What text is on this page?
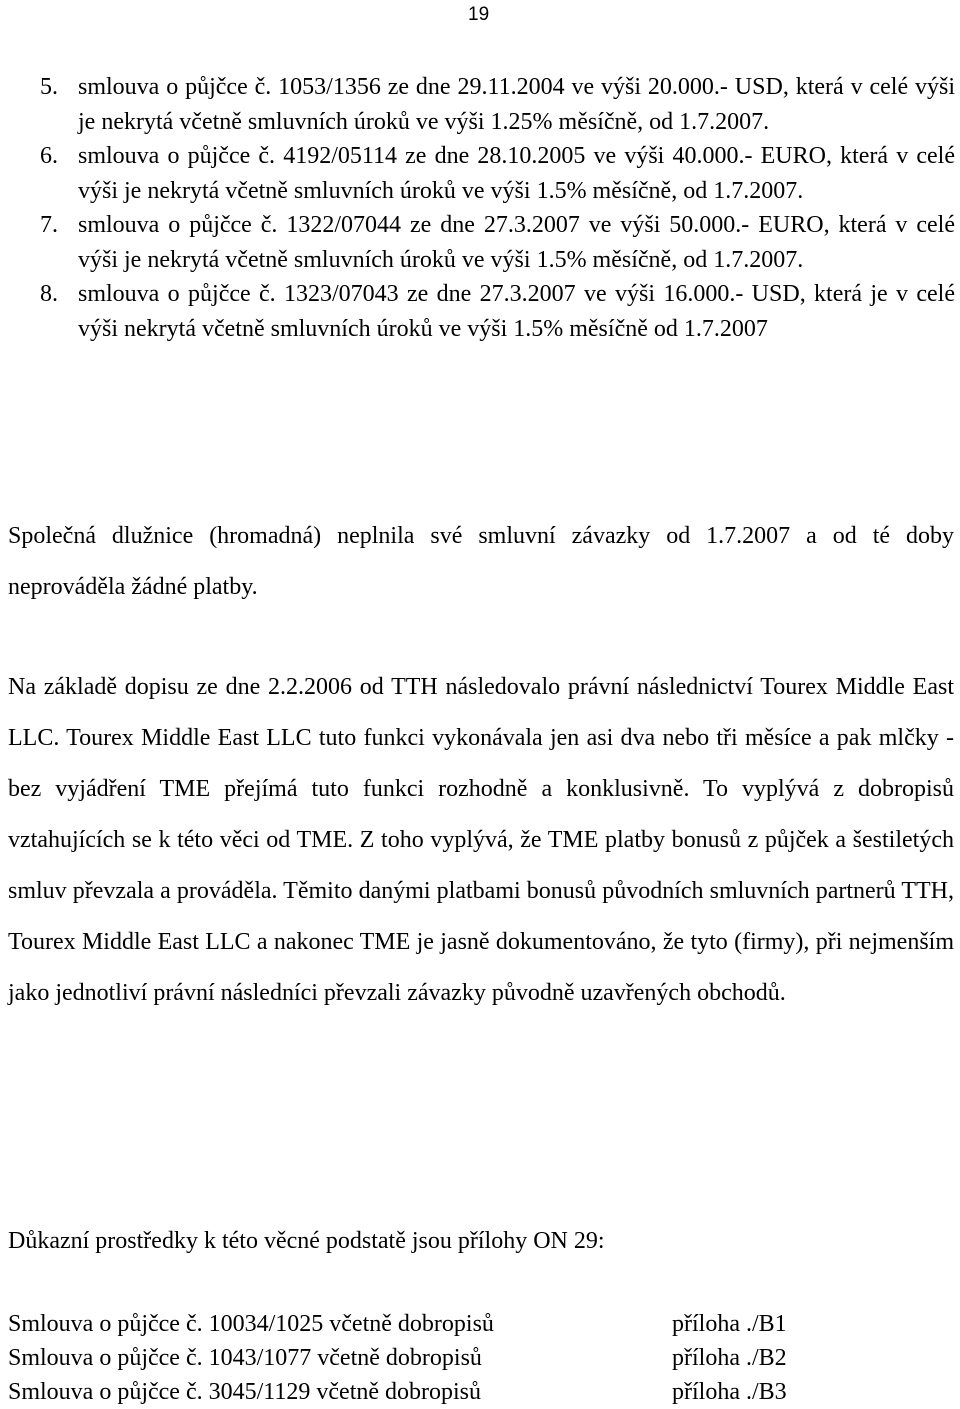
19
5. smlouva o půjčce č. 1053/1356 ze dne 29.11.2004 ve výši 20.000.- USD, která v celé výši je nekrytá včetně smluvních úroků ve výši 1.25% měsíčně, od 1.7.2007.
6. smlouva o půjčce č. 4192/05114 ze dne 28.10.2005 ve výši 40.000.- EURO, která v celé výši je nekrytá včetně smluvních úroků ve výši 1.5% měsíčně, od 1.7.2007.
7. smlouva o půjčce č. 1322/07044 ze dne 27.3.2007 ve výši 50.000.- EURO, která v celé výši je nekrytá včetně smluvních úroků ve výši 1.5% měsíčně, od 1.7.2007.
8. smlouva o půjčce č. 1323/07043 ze dne 27.3.2007 ve výši 16.000.- USD, která je v celé výši nekrytá včetně smluvních úroků ve výši 1.5% měsíčně od 1.7.2007

Společná dlužnice (hromadná) neplnila své smluvní závazky od 1.7.2007 a od té doby neprováděla žádné platby.

Na základě dopisu ze dne 2.2.2006 od TTH následovalo právní následnictví Tourex Middle East LLC. Tourex Middle East LLC tuto funkci vykonávala jen asi dva nebo tři měsíce a pak mlčky - bez vyjádření TME přejímá tuto funkci rozhodně a konklusivně. To vyplývá z dobropisů vztahujících se k této věci od TME. Z toho vyplývá, že TME platby bonusů z půjček a šestiletých smluv převzala a prováděla. Těmito danými platbami bonusů původních smluvních partnerů TTH, Tourex Middle East LLC a nakonec TME je jasně dokumentováno, že tyto (firmy), při nejmenším jako jednotliví právní následníci převzali závazky původně uzavřených obchodů.

Důkazní prostředky k této věcné podstatě jsou přílohy ON 29:

Smlouva o půjčce č. 10034/1025 včetně dobropisů	příloha ./B1
Smlouva o půjčce č. 1043/1077 včetně dobropisů	příloha ./B2
Smlouva o půjčce č. 3045/1129 včetně dobropisů	příloha ./B3
